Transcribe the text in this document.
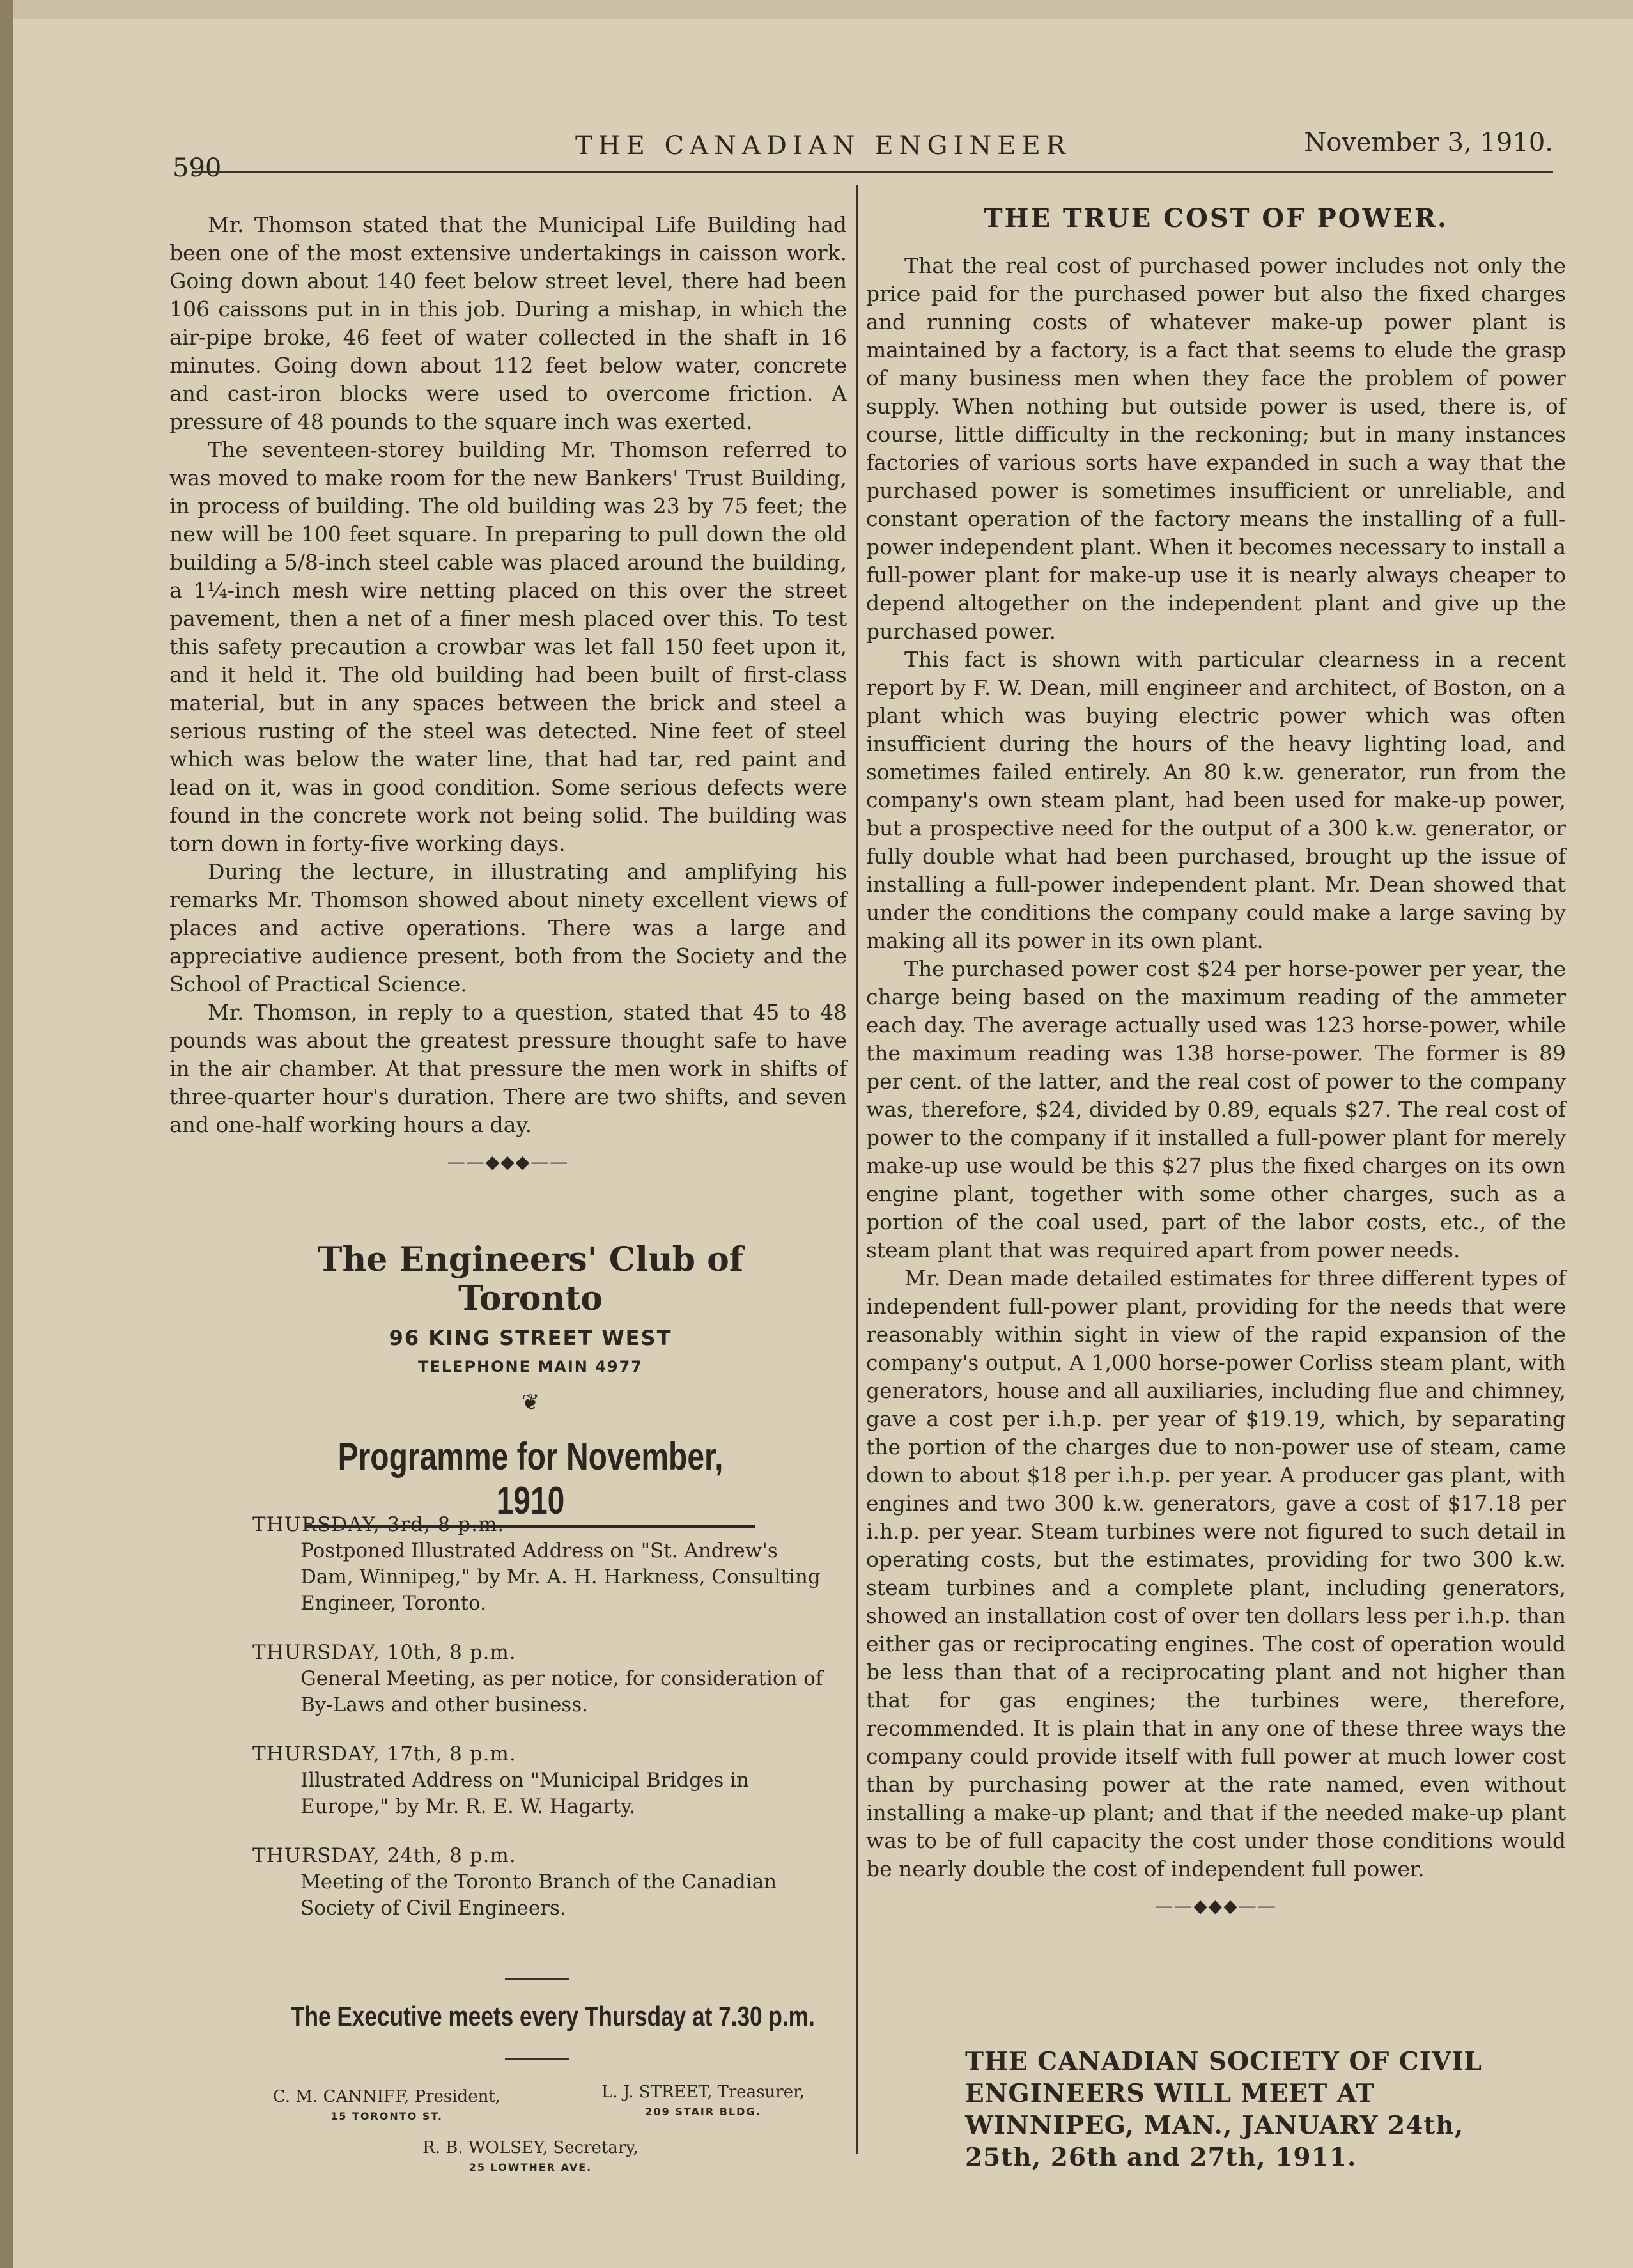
590
THE CANADIAN ENGINEER	November 3, 1910.

Mr. Thomson stated that the Municipal Life Building had been one of the most extensive undertakings in caisson work. Going down about 140 feet below street level, there had been 106 caissons put in in this job. During a mishap, in which the air-pipe broke, 46 feet of water collected in the shaft in 16 minutes. Going down about 112 feet below water, concrete and cast-iron blocks were used to overcome friction. A pressure of 48 pounds to the square inch was exerted.

The seventeen-storey building Mr. Thomson referred to was moved to make room for the new Bankers' Trust Building, in process of building. The old building was 23 by 75 feet; the new will be 100 feet square. In preparing to pull down the old building a 5/8-inch steel cable was placed around the building, a 1¼-inch mesh wire netting placed on this over the street pavement, then a net of a finer mesh placed over this. To test this safety precaution a crowbar was let fall 150 feet upon it, and it held it. The old building had been built of first-class material, but in any spaces between the brick and steel a serious rusting of the steel was detected. Nine feet of steel which was below the water line, that had tar, red paint and lead on it, was in good condition. Some serious defects were found in the concrete work not being solid. The building was torn down in forty-five working days.

During the lecture, in illustrating and amplifying his remarks Mr. Thomson showed about ninety excellent views of places and active operations. There was a large and appreciative audience present, both from the Society and the School of Practical Science.

Mr. Thomson, in reply to a question, stated that 45 to 48 pounds was about the greatest pressure thought safe to have in the air chamber. At that pressure the men work in shifts of three-quarter hour's duration. There are two shifts, and seven and one-half working hours a day.

——◆◆◆——
The Engineers' Club of Toronto
96 KING STREET WEST
TELEPHONE MAIN 4977
❦
Programme for November, 1910
THURSDAY, 3rd, 8 p.m.
Postponed Illustrated Address on "St. Andrew's Dam, Winnipeg," by Mr. A. H. Harkness, Consulting Engineer, Toronto.
THURSDAY, 10th, 8 p.m.
General Meeting, as per notice, for consideration of By-Laws and other business.
THURSDAY, 17th, 8 p.m.
Illustrated Address on "Municipal Bridges in Europe," by Mr. R. E. W. Hagarty.
THURSDAY, 24th, 8 p.m.
Meeting of the Toronto Branch of the Canadian Society of Civil Engineers.
The Executive meets every Thursday at 7.30 p.m.
C. M. CANNIFF, President,
15 TORONTO ST.
L. J. STREET, Treasurer,
209 STAIR BLDG.
R. B. WOLSEY, Secretary,
25 LOWTHER AVE.
THE TRUE COST OF POWER.

That the real cost of purchased power includes not only the price paid for the purchased power but also the fixed charges and running costs of whatever make-up power plant is maintained by a factory, is a fact that seems to elude the grasp of many business men when they face the problem of power supply. When nothing but outside power is used, there is, of course, little difficulty in the reckoning; but in many instances factories of various sorts have expanded in such a way that the purchased power is sometimes insufficient or unreliable, and constant operation of the factory means the installing of a full-power independent plant. When it becomes necessary to install a full-power plant for make-up use it is nearly always cheaper to depend altogether on the independent plant and give up the purchased power.

This fact is shown with particular clearness in a recent report by F. W. Dean, mill engineer and architect, of Boston, on a plant which was buying electric power which was often insufficient during the hours of the heavy lighting load, and sometimes failed entirely. An 80 k.w. generator, run from the company's own steam plant, had been used for make-up power, but a prospective need for the output of a 300 k.w. generator, or fully double what had been purchased, brought up the issue of installing a full-power independent plant. Mr. Dean showed that under the conditions the company could make a large saving by making all its power in its own plant.

The purchased power cost $24 per horse-power per year, the charge being based on the maximum reading of the ammeter each day. The average actually used was 123 horse-power, while the maximum reading was 138 horse-power. The former is 89 per cent. of the latter, and the real cost of power to the company was, therefore, $24, divided by 0.89, equals $27. The real cost of power to the company if it installed a full-power plant for merely make-up use would be this $27 plus the fixed charges on its own engine plant, together with some other charges, such as a portion of the coal used, part of the labor costs, etc., of the steam plant that was required apart from power needs.

Mr. Dean made detailed estimates for three different types of independent full-power plant, providing for the needs that were reasonably within sight in view of the rapid expansion of the company's output. A 1,000 horse-power Corliss steam plant, with generators, house and all auxiliaries, including flue and chimney, gave a cost per i.h.p. per year of $19.19, which, by separating the portion of the charges due to non-power use of steam, came down to about $18 per i.h.p. per year. A producer gas plant, with engines and two 300 k.w. generators, gave a cost of $17.18 per i.h.p. per year. Steam turbines were not figured to such detail in operating costs, but the estimates, providing for two 300 k.w. steam turbines and a complete plant, including generators, showed an installation cost of over ten dollars less per i.h.p. than either gas or reciprocating engines. The cost of operation would be less than that of a reciprocating plant and not higher than that for gas engines; the turbines were, therefore, recommended. It is plain that in any one of these three ways the company could provide itself with full power at much lower cost than by purchasing power at the rate named, even without installing a make-up plant; and that if the needed make-up plant was to be of full capacity the cost under those conditions would be nearly double the cost of independent full power.

——◆◆◆——
THE CANADIAN SOCIETY OF CIVIL ENGINEERS WILL MEET AT WINNIPEG, MAN., JANUARY 24th, 25th, 26th and 27th, 1911.
